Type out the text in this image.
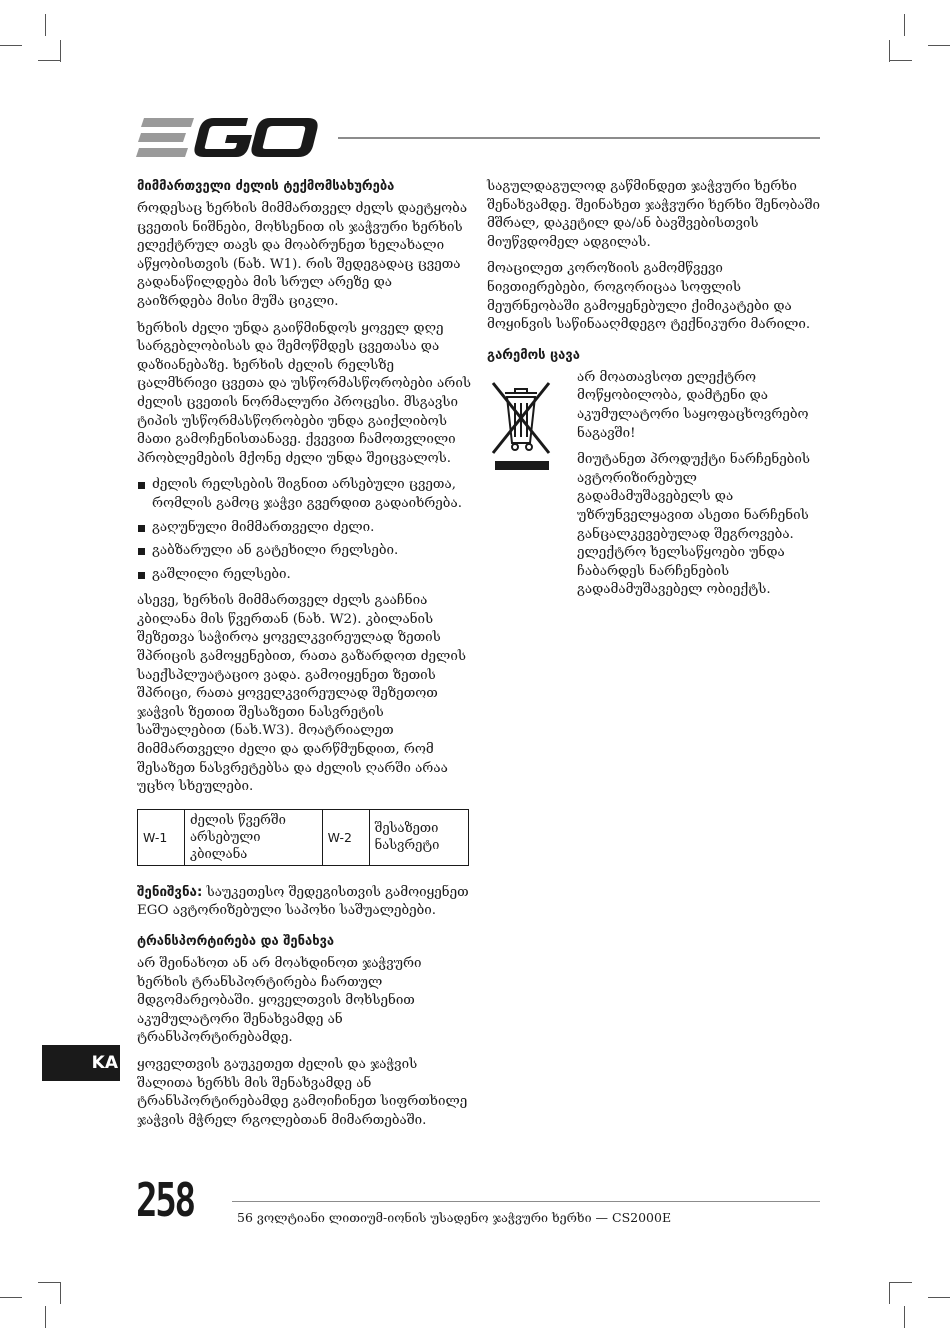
მიმმართველი ძელის ტექმომსახურება

როდესაც ხერხის მიმმართველ ძელს დაეტყობა ცვეთის ნიშნები, მოხსენით ის ჯაჭვური ხერხის ელექტრულ თავს და მოაბრუნეთ ხელახალი აწყობისთვის (ნახ. W1). რის შედეგადაც ცვეთა გადანაწილდება მის სრულ არეზე და გაიზრდება მისი მუშა ციკლი.

ხერხის ძელი უნდა გაიწმინდოს ყოველ დღე სარგებლობისას და შემოწმდეს ცვეთასა და დაზიანებაზე. ხერხის ძელის რელსზე ცალმხრივი ცვეთა და უსწორმასწორობები არის ძელის ცვეთის ნორმალური პროცესი. მსგავსი ტიპის უსწორმასწორობები უნდა გაიქლიბოს მათი გამოჩენისთანავე. ქვევით ჩამოთვლილი პრობლემების მქონე ძელი უნდა შეიცვალოს.

ძელის რელსების შიგნით არსებული ცვეთა, რომლის გამოც ჯაჭვი გვერდით გადაიხრება.
გაღუნული მიმმართველი ძელი.
გაბზარული ან გატეხილი რელსები.
გაშლილი რელსები.

ასევე, ხერხის მიმმართველ ძელს გააჩნია კბილანა მის წვერთან (ნახ. W2). კბილანის შეზეთვა საჭიროა ყოველკვირეულად ზეთის შპრიცის გამოყენებით, რათა გაზარდოთ ძელის საექსპლუატაციო ვადა. გამოიყენეთ ზეთის შპრიცი, რათა ყოველკვირეულად შეზეთოთ ჯაჭვის ზეთით შესაზეთი ნასვრეტის საშუალებით (ნახ.W3). მოატრიალეთ მიმმართველი ძელი და დარწმუნდით, რომ შესაზეთ ნასვრეტებსა და ძელის ღარში არაა უცხო სხეულები.

W-1	ძელის წვერში არსებული კბილანა	W-2	შესაზეთი ნასვრეტი

შენიშვნა: საუკეთესო შედეგისთვის გამოიყენეთ EGO ავტორიზებული საპოხი საშუალებები.

ტრანსპორტირება და შენახვა

არ შეინახოთ ან არ მოახდინოთ ჯაჭვური ხერხის ტრანსპორტირება ჩართულ მდგომარეობაში. ყოველთვის მოხსენით აკუმულატორი შენახვამდე ან ტრანსპორტირებამდე.

ყოველთვის გაუკეთეთ ძელის და ჯაჭვის შალითა ხერხს მის შენახვამდე ან ტრანსპორტირებამდე გამოიჩინეთ სიფრთხილე ჯაჭვის მჭრელ რგოლებთან მიმართებაში.

საგულდაგულოდ გაწმინდეთ ჯაჭვური ხერხი შენახვამდე. შეინახეთ ჯაჭვური ხერხი შენობაში მშრალ, დაკეტილ და/ან ბავშვებისთვის მიუწვდომელ ადგილას.

მოაცილეთ კოროზიის გამომწვევი ნივთიერებები, როგორიცაა სოფლის მეურნეობაში გამოყენებული ქიმიკატები და მოყინვის საწინააღმდეგო ტექნიკური მარილი.

გარემოს ცავა

არ მოათავსოთ ელექტრო მოწყობილობა, დამტენი და აკუმულატორი საყოფაცხოვრებო ნაგავში!

მიუტანეთ პროდუქტი ნარჩენების ავტორიზირებულ გადამამუშავებელს და უზრუნველყავით ასეთი ნარჩენის განცალკევებულად შეგროვება. ელექტრო ხელსაწყოები უნდა ჩაბარდეს ნარჩენების გადამამუშავებელ ობიექტს.

KA
258	56 ვოლტიანი ლითიუმ-იონის უსადენო ჯაჭვური ხერხი — CS2000E
